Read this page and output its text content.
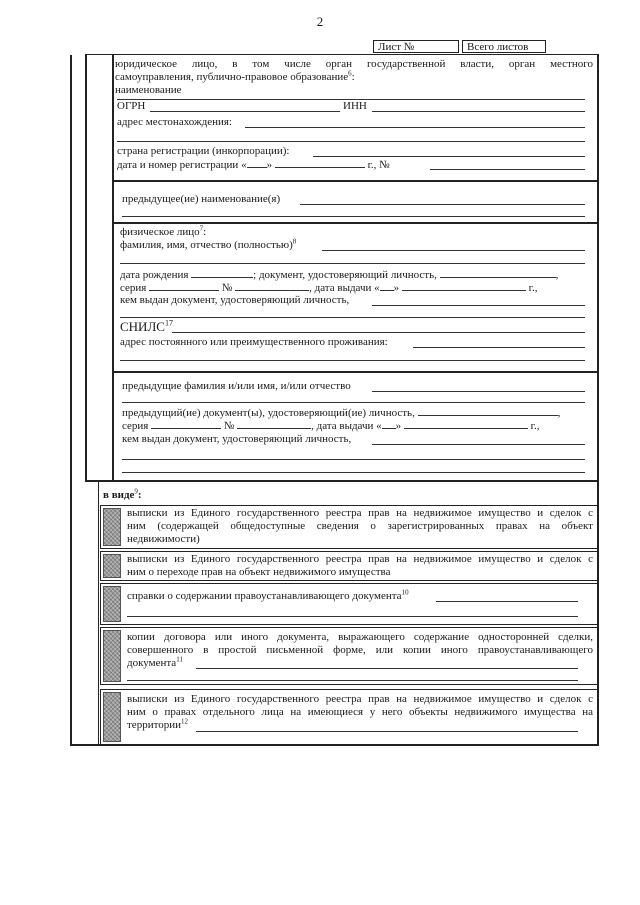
2
Лист №	Всего листов
юридическое лицо, в том числе орган государственной власти, орган местного
самоуправления, публично-правовое образование$^6$:
наименование
ОГРН	ИНН
адрес местонахождения:
страна регистрации (инкорпорации):
дата и номер регистрации « »	г., №
предыдущее(ие) наименование(я)
физическое лицо$^7$:
фамилия, имя, отчество (полностью)$^8$
дата рождения	; документ, удостоверяющий личность,	,
серия	№	, дата выдачи « »	г.,
кем выдан документ, удостоверяющий личность,
СНИЛС$^{17}$
адрес постоянного или преимущественного проживания:
предыдущие фамилия и/или имя, и/или отчество
предыдущий(ие) документ(ы), удостоверяющий(ие) личность,	,
серия	№	, дата выдачи « »	г.,
кем выдан документ, удостоверяющий личность,
в виде$^9$:
выписки из Единого государственного реестра прав на недвижимое имущество и сделок с
ним (содержащей общедоступные сведения о зарегистрированных правах на объект
недвижимости)
выписки из Единого государственного реестра прав на недвижимое имущество и сделок с
ним о переходе прав на объект недвижимого имущества
справки о содержании правоустанавливающего документа$^{10}$
копии договора или иного документа, выражающего содержание односторонней сделки,
совершенного в простой письменной форме, или копии иного правоустанавливающего
документа$^{11}$
выписки из Единого государственного реестра прав на недвижимое имущество и сделок с
ним о правах отдельного лица на имеющиеся у него объекты недвижимого имущества на
территории$^{12}$
